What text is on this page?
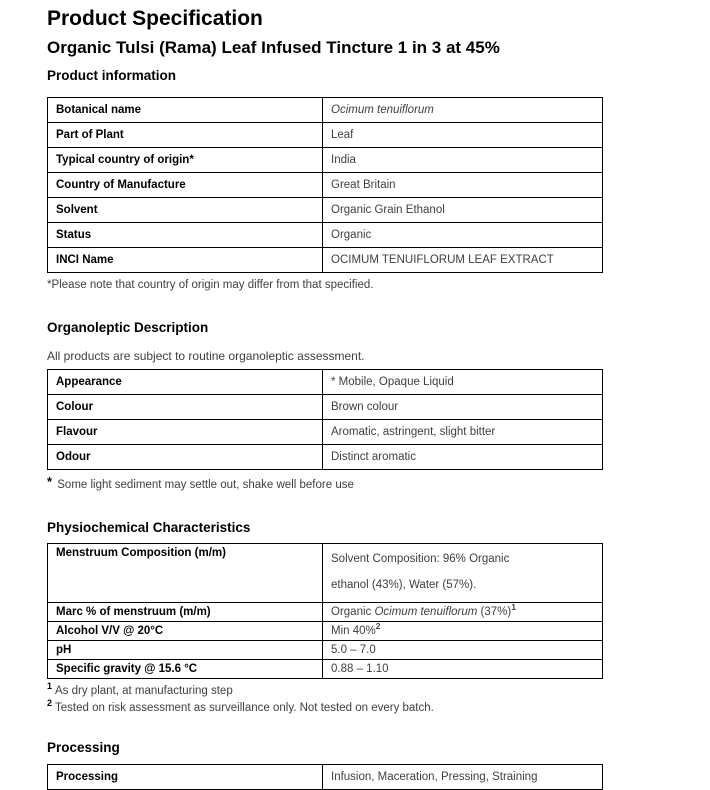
Product Specification
Organic Tulsi (Rama) Leaf Infused Tincture 1 in 3 at 45%
Product information
Botanical name	Ocimum tenuiflorum
Part of Plant	Leaf
Typical country of origin*	India
Country of Manufacture	Great Britain
Solvent	Organic Grain Ethanol
Status	Organic
INCI Name	OCIMUM TENUIFLORUM LEAF EXTRACT
*Please note that country of origin may differ from that specified.
Organoleptic Description
All products are subject to routine organoleptic assessment.
Appearance	* Mobile, Opaque Liquid
Colour	Brown colour
Flavour	Aromatic, astringent, slight bitter
Odour	Distinct aromatic
* Some light sediment may settle out, shake well before use
Physiochemical Characteristics
Menstruum Composition (m/m)	Solvent Composition: 96% Organic
ethanol (43%), Water (57%).

Marc % of menstruum (m/m)	Organic Ocimum tenuiflorum $(37\%)^1$
Alcohol V/V @ 20°C	Min 40%$^2$
pH	5.0 – 7.0
Specific gravity @ 15.6 °C	0.88 – 1.10
$^1$ As dry plant, at manufacturing step
$^2$ Tested on risk assessment as surveillance only. Not tested on every batch.
Processing
Processing	Infusion, Maceration, Pressing, Straining
